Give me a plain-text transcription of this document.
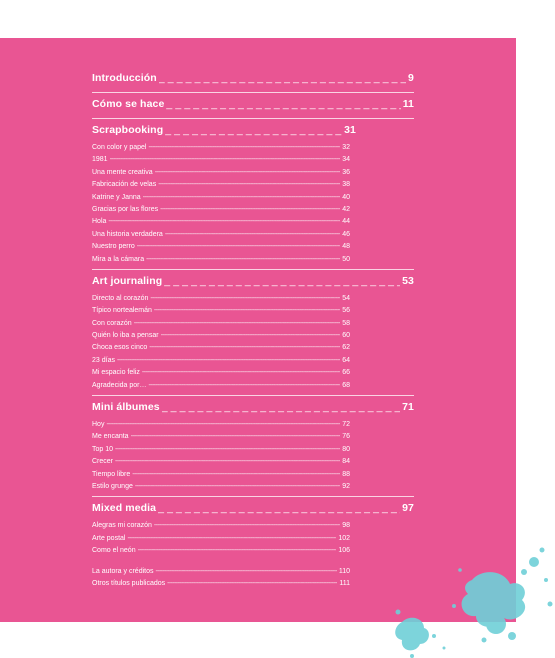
Introducción _ _ _	9
Cómo se hace _ _ _	11
Scrapbooking _ _ _	31
Con color y papel -----	32
1981 -----	34
Una mente creativa -----	36
Fabricación de velas -----	38
Katrine y Janna -----	40
Gracias por las flores -----	42
Hola -----	44
Una historia verdadera -----	46
Nuestro perro -----	48
Mira a la cámara -----	50
Art journaling _ _ _	53
Directo al corazón -----	54
Típico nortealemán -----	56
Con corazón -----	58
Quién lo iba a pensar -----	60
Choca esos cinco -----	62
23 días -----	64
Mi espacio feliz -----	66
Agradecida por… -----	68
Mini álbumes _ _ _	71
Hoy -----	72
Me encanta -----	76
Top 10 -----	80
Crecer -----	84
Tiempo libre -----	88
Estilo grunge -----	92
Mixed media _ _ _	97
Alegras mi corazón -----	98
Arte postal -----	102
Como el neón -----	106
La autora y créditos -----	110
Otros títulos publicados -----	111
